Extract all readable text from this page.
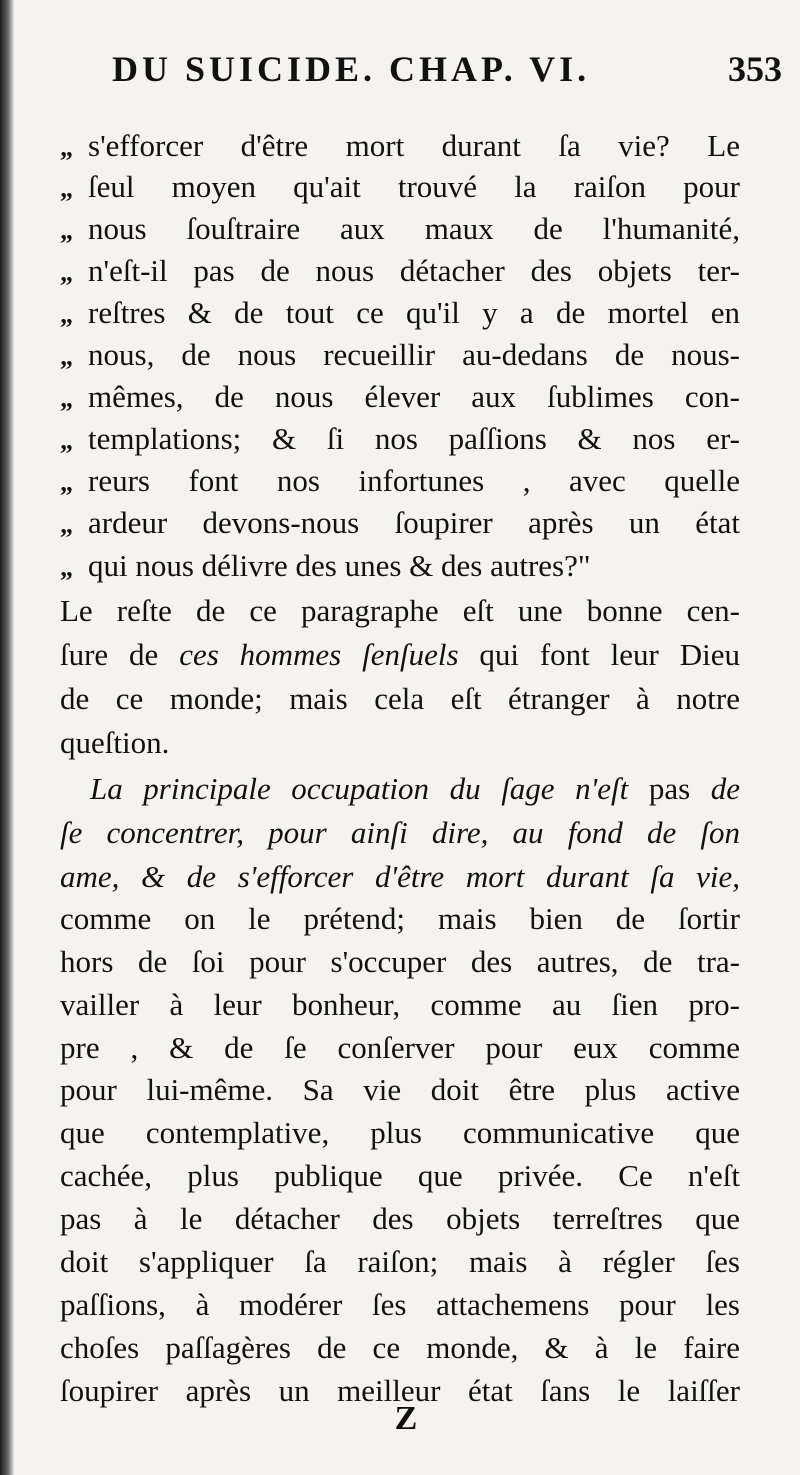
DU SUICIDE. CHAP. VI.	353
„ s'efforcer d'être mort durant ſa vie? Le
„ ſeul moyen qu'ait trouvé la raiſon pour
„ nous ſouſtraire aux maux de l'humanité,
„ n'eſt-il pas de nous détacher des objets ter-
„ reſtres & de tout ce qu'il y a de mortel en
„ nous, de nous recueillir au-dedans de nous-
„ mêmes, de nous élever aux ſublimes con-
„ templations; & ſi nos paſſions & nos er-
„ reurs font nos infortunes , avec quelle
„ ardeur devons-nous ſoupirer après un état
„ qui nous délivre des unes & des autres?"
Le reſte de ce paragraphe eſt une bonne cen-
ſure de ces hommes ſenſuels qui font leur Dieu
de ce monde; mais cela eſt étranger à notre
queſtion.
La principale occupation du ſage n'eſt pas de
ſe concentrer, pour ainſi dire, au fond de ſon
ame, & de s'efforcer d'être mort durant ſa vie,
comme on le prétend; mais bien de ſortir
hors de ſoi pour s'occuper des autres, de tra-
vailler à leur bonheur, comme au ſien pro-
pre , & de ſe conſerver pour eux comme
pour lui-même. Sa vie doit être plus active
que contemplative, plus communicative que
cachée, plus publique que privée. Ce n'eſt
pas à le détacher des objets terreſtres que
doit s'appliquer ſa raiſon; mais à régler ſes
paſſions, à modérer ſes attachemens pour les
choſes paſſagères de ce monde, & à le faire
ſoupirer après un meilleur état ſans le laiſſer
Z
